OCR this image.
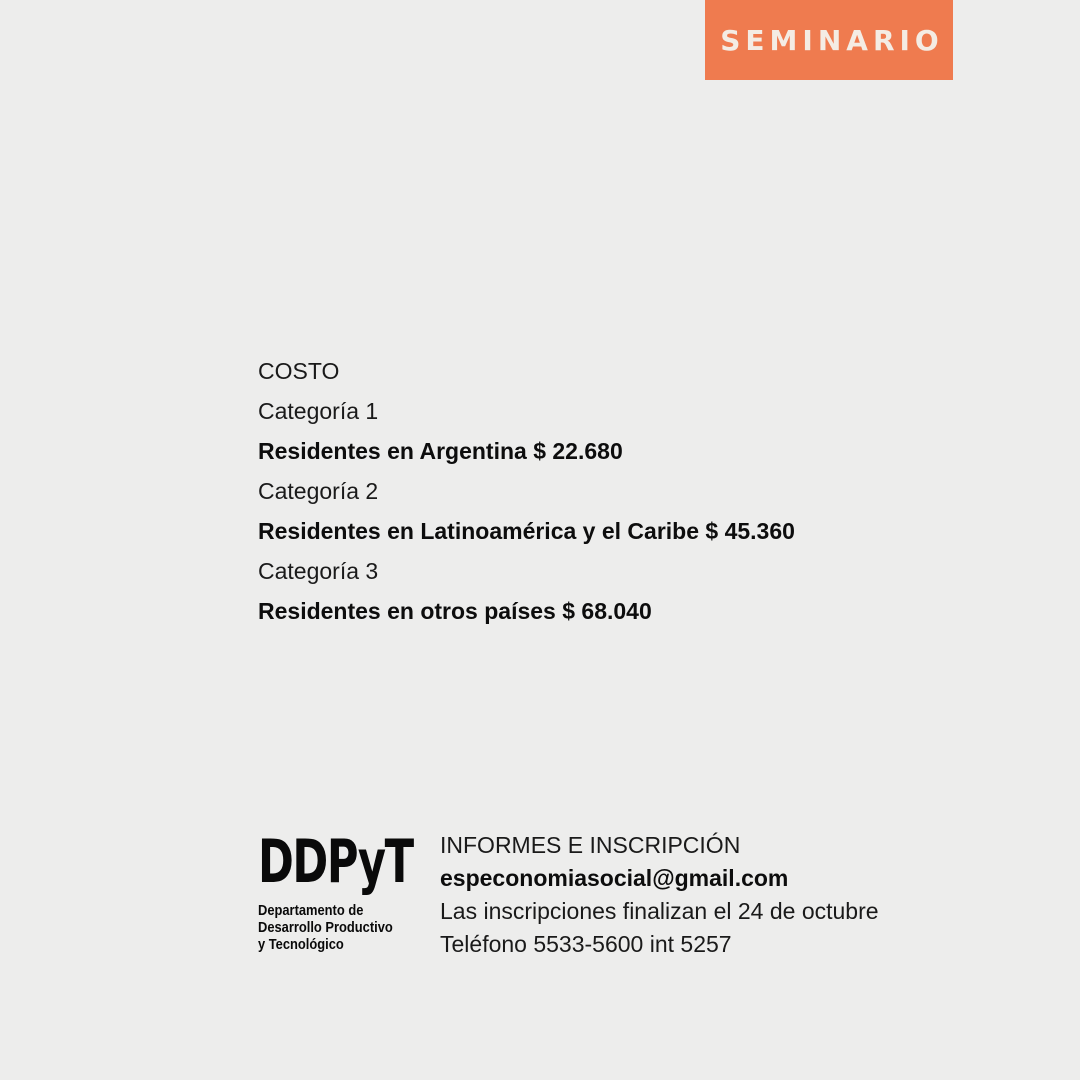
SEMINARIO
COSTO
Categoría 1
Residentes en Argentina $ 22.680
Categoría 2
Residentes en Latinoamérica y el Caribe $ 45.360
Categoría 3
Residentes en otros países $ 68.040
DDPyT
Departamento de
Desarrollo Productivo
y Tecnológico
INFORMES E INSCRIPCIÓN
especonomiasocial@gmail.com
Las inscripciones finalizan el 24 de octubre
Teléfono 5533-5600 int 5257
